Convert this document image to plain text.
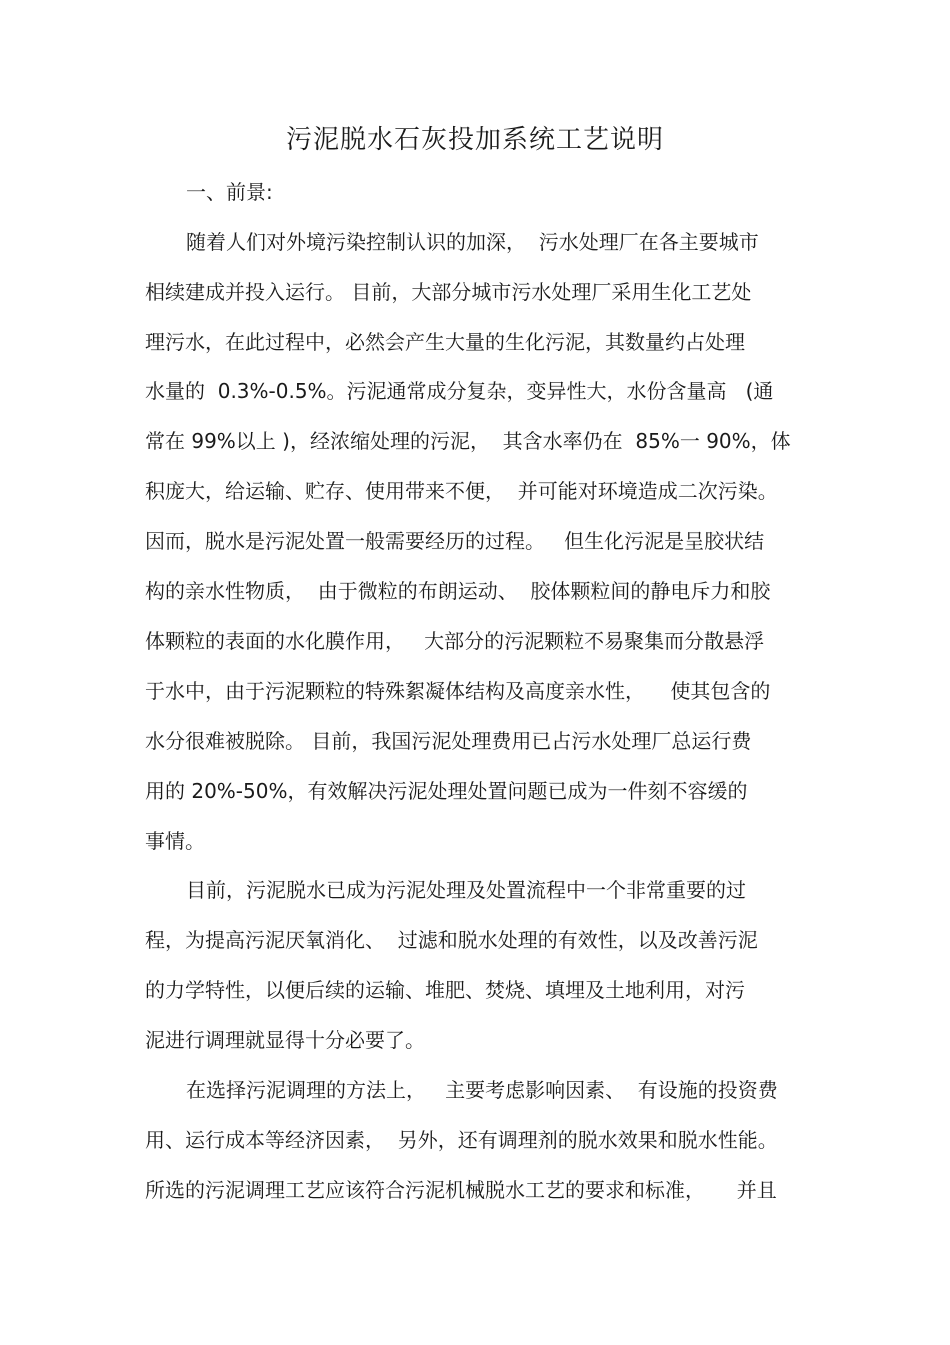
污泥脱水石灰投加系统工艺说明
一、前景:
随着人们对外境污染控制认识的加深，  污水处理厂在各主要城市
相续建成并投入运行。 目前，大部分城市污水处理厂采用生化工艺处
理污水，在此过程中，必然会产生大量的生化污泥，其数量约占处理
水量的  0.3%-0.5%。污泥通常成分复杂，变异性大，水份含量高   (通
常在 99%以上 )，经浓缩处理的污泥，  其含水率仍在  85%一 90%，体
积庞大，给运输、贮存、使用带来不便，  并可能对环境造成二次污染。
因而，脱水是污泥处置一般需要经历的过程。   但生化污泥是呈胶状结
构的亲水性物质，  由于微粒的布朗运动、  胶体颗粒间的静电斥力和胶
体颗粒的表面的水化膜作用，   大部分的污泥颗粒不易聚集而分散悬浮
于水中，由于污泥颗粒的特殊絮凝体结构及高度亲水性，    使其包含的
水分很难被脱除。 目前，我国污泥处理费用已占污水处理厂总运行费
用的 20%-50%，有效解决污泥处理处置问题已成为一件刻不容缓的
事情。
目前，污泥脱水已成为污泥处理及处置流程中一个非常重要的过
程，为提高污泥厌氧消化、  过滤和脱水处理的有效性，以及改善污泥
的力学特性，以便后续的运输、堆肥、焚烧、填埋及土地利用，对污
泥进行调理就显得十分必要了。
在选择污泥调理的方法上，   主要考虑影响因素、  有设施的投资费
用、运行成本等经济因素，  另外，还有调理剂的脱水效果和脱水性能。
所选的污泥调理工艺应该符合污泥机械脱水工艺的要求和标准，     并且
